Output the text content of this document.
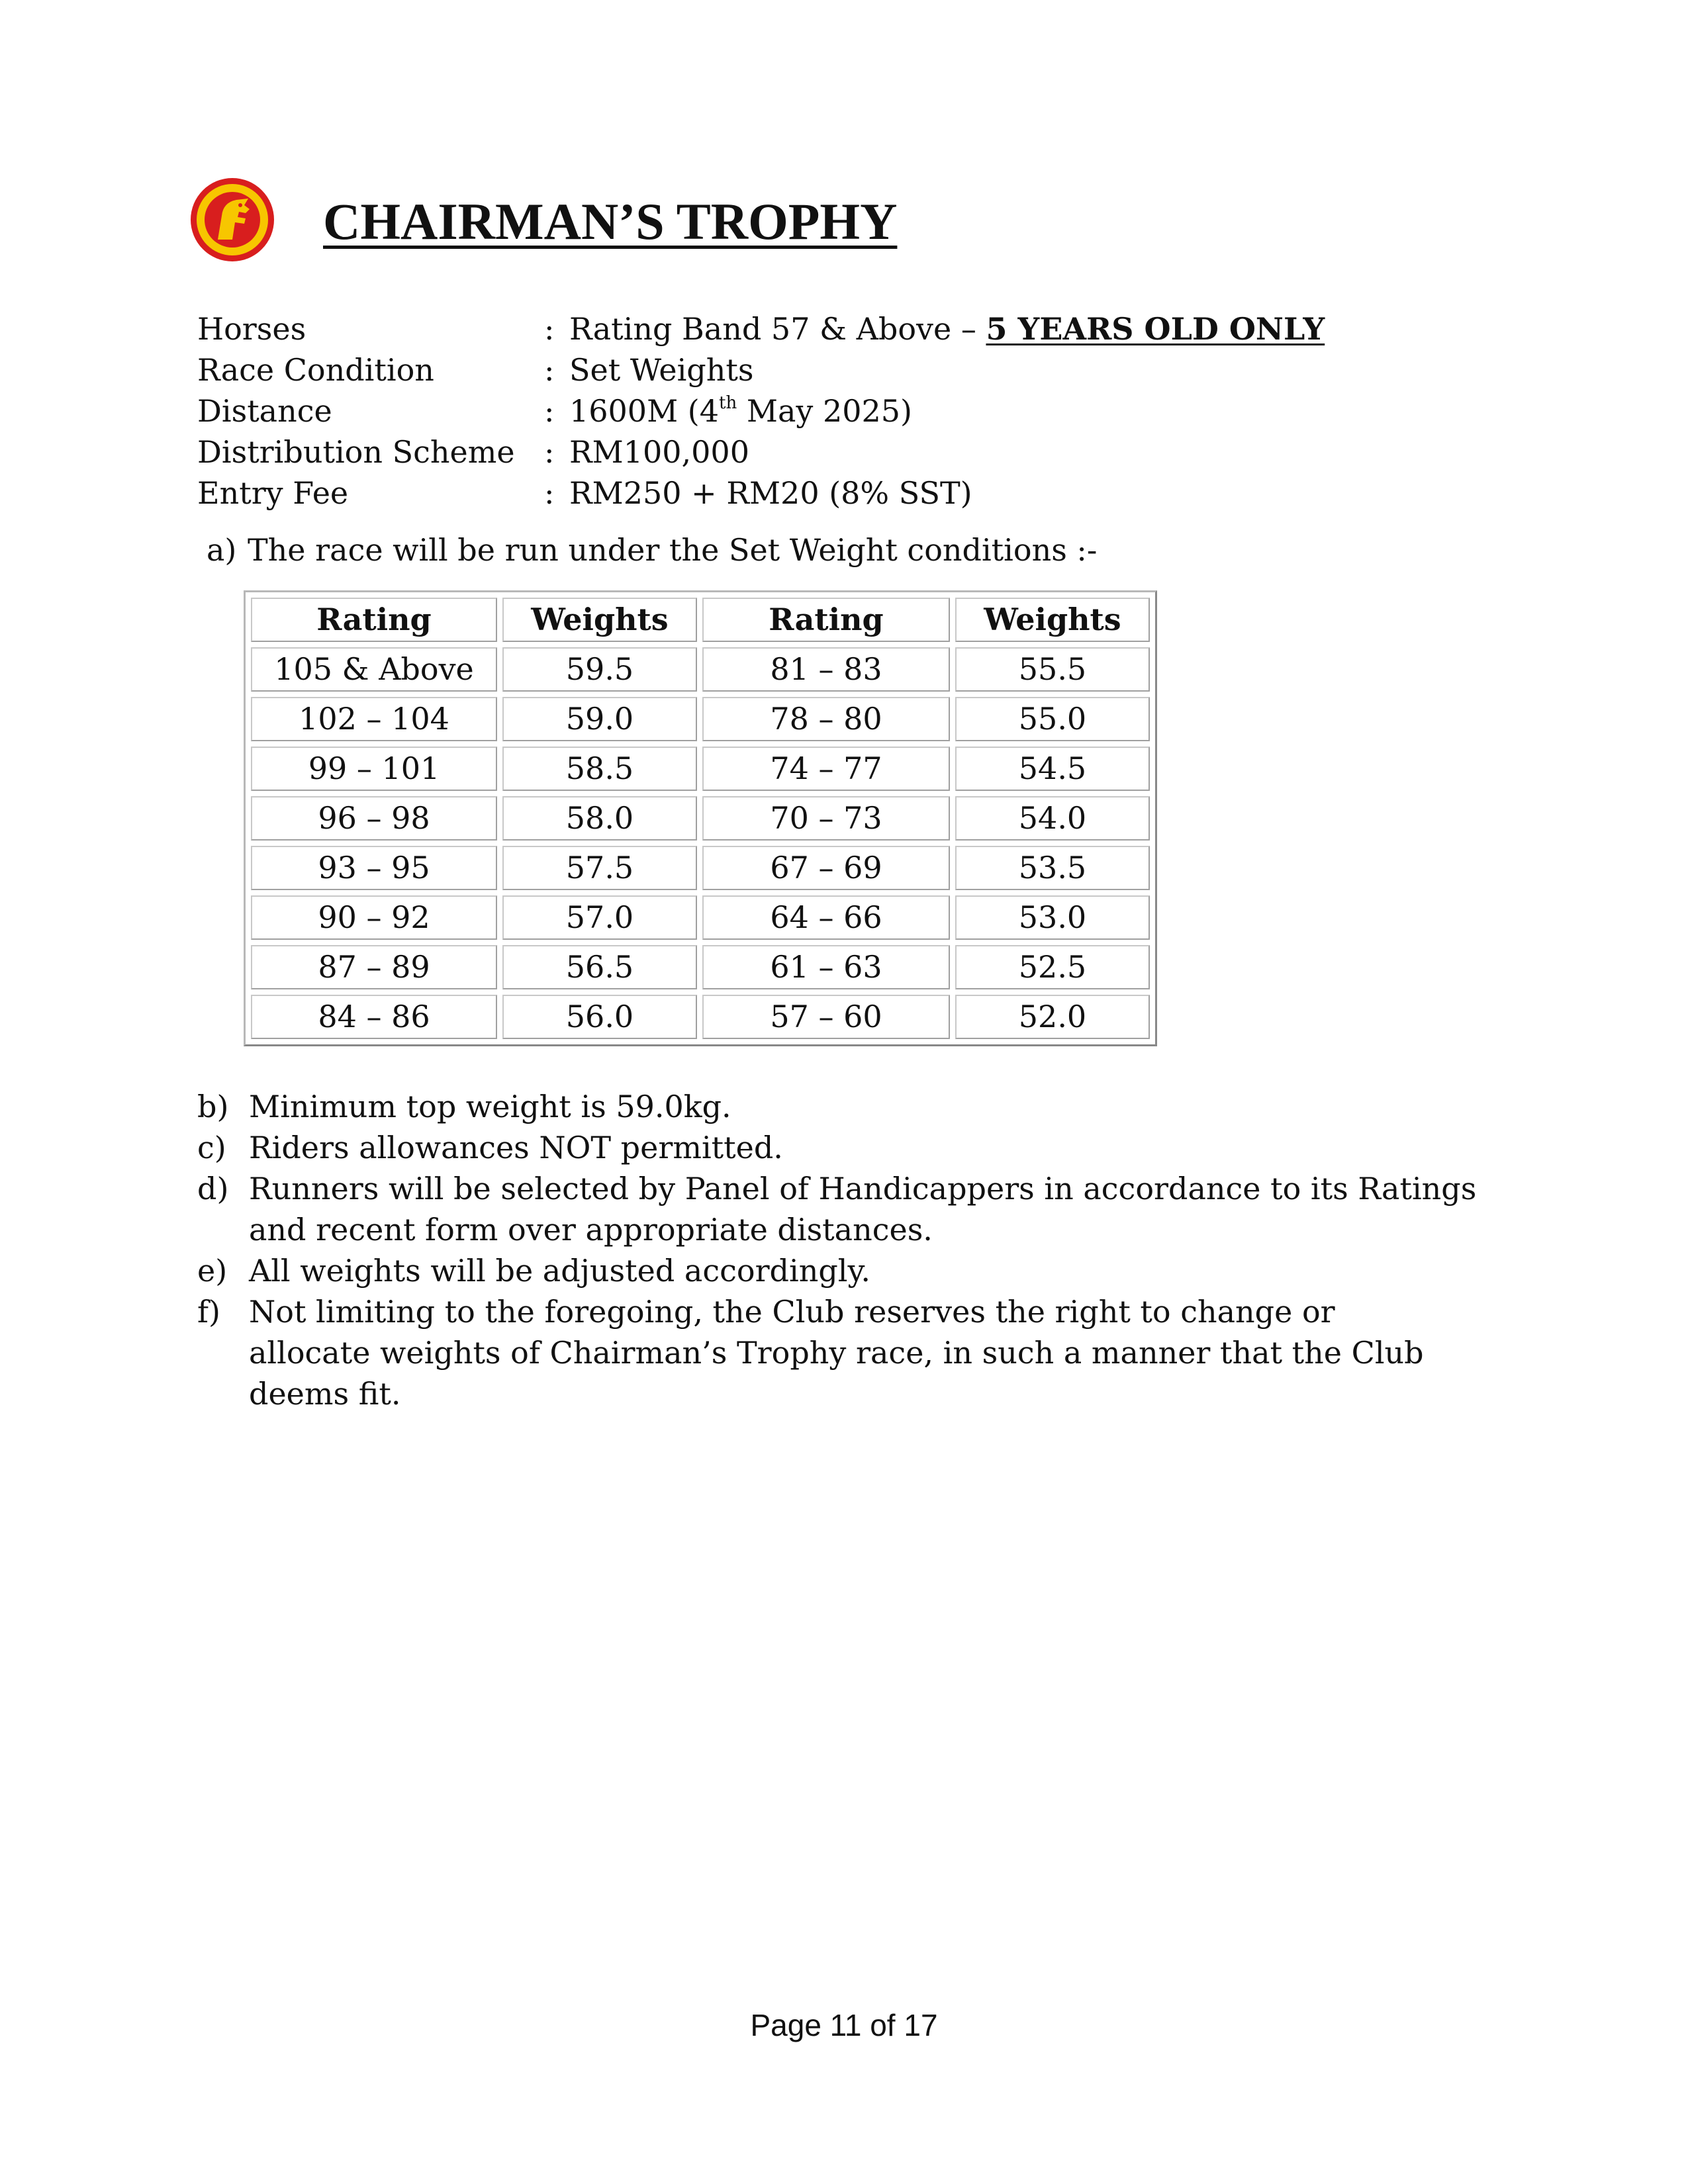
CHAIRMAN’S TROPHY
Horses	: Rating Band 57 & Above – 5 YEARS OLD ONLY
Race Condition	: Set Weights
Distance	: 1600M (4th May 2025)
Distribution Scheme : RM100,000
Entry Fee	: RM250 + RM20 (8% SST)
a) The race will be run under the Set Weight conditions :-
Rating	Weights	Rating	Weights
105 & Above	59.5	81 – 83	55.5
102 – 104	59.0	78 – 80	55.0
99 – 101	58.5	74 – 77	54.5
96 – 98	58.0	70 – 73	54.0
93 – 95	57.5	67 – 69	53.5
90 – 92	57.0	64 – 66	53.0
87 – 89	56.5	61 – 63	52.5
84 – 86	56.0	57 – 60	52.0
b) Minimum top weight is 59.0kg.
c) Riders allowances NOT permitted.
d) Runners will be selected by Panel of Handicappers in accordance to its Ratings and recent form over appropriate distances.
e) All weights will be adjusted accordingly.
f) Not limiting to the foregoing, the Club reserves the right to change or allocate weights of Chairman’s Trophy race, in such a manner that the Club deems fit.
Page 11 of 17
